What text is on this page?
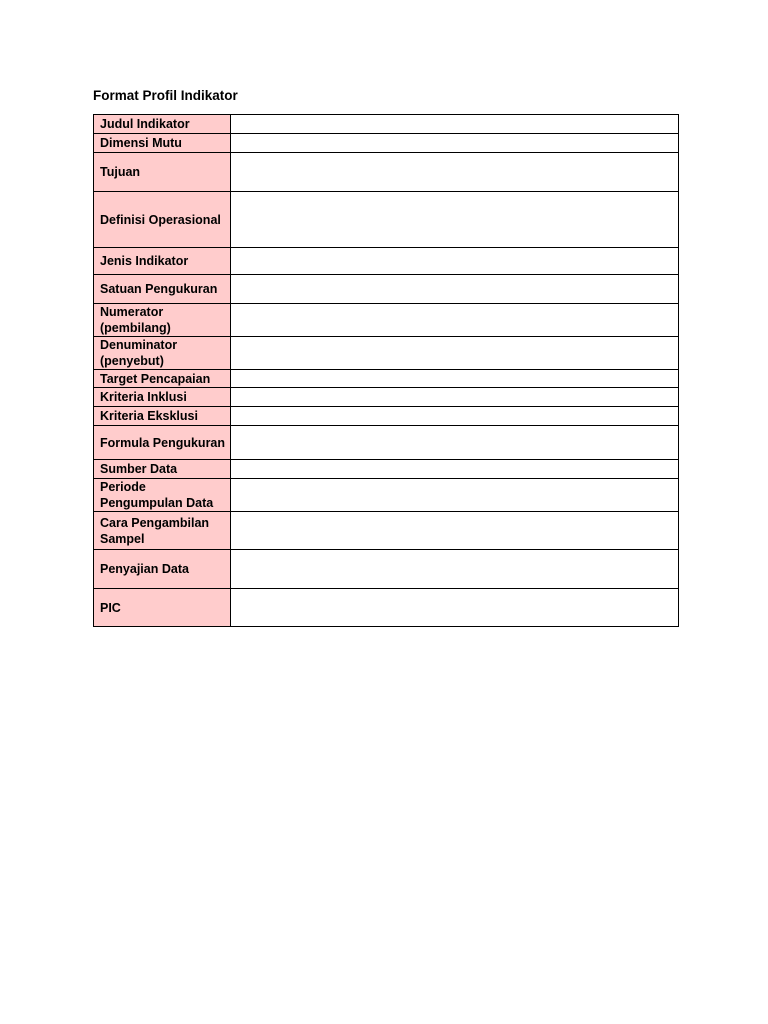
Format Profil Indikator
Judul Indikator	
Dimensi Mutu	
Tujuan	
Definisi Operasional	
Jenis Indikator	
Satuan Pengukuran	
Numerator (pembilang)	
Denuminator (penyebut)	
Target Pencapaian	
Kriteria Inklusi	
Kriteria Eksklusi	
Formula Pengukuran	
Sumber Data	
Periode Pengumpulan Data	
Cara Pengambilan Sampel	
Penyajian Data	
PIC	
